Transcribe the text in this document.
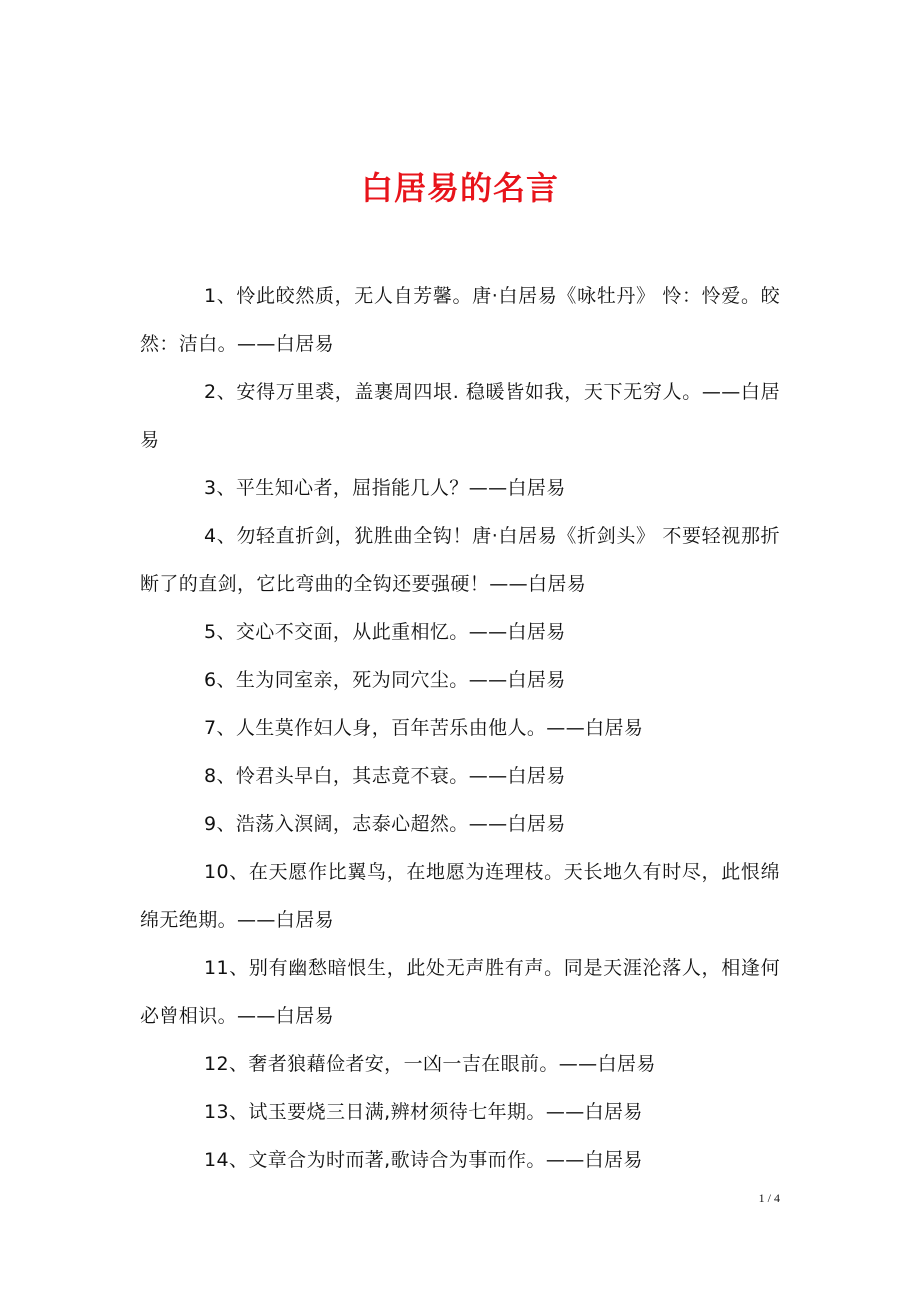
白居易的名言

1、怜此皎然质，无人自芳馨。唐·白居易《咏牡丹》 怜：怜爱。皎然：洁白。——白居易

2、安得万里裘，盖裹周四垠. 稳暖皆如我，天下无穷人。——白居易

3、平生知心者，屈指能几人？——白居易

4、勿轻直折剑，犹胜曲全钩！唐·白居易《折剑头》 不要轻视那折断了的直剑，它比弯曲的全钩还要强硬！——白居易

5、交心不交面，从此重相忆。——白居易

6、生为同室亲，死为同穴尘。——白居易

7、人生莫作妇人身，百年苦乐由他人。——白居易

8、怜君头早白，其志竟不衰。——白居易

9、浩荡入溟阔，志泰心超然。——白居易

10、在天愿作比翼鸟，在地愿为连理枝。天长地久有时尽，此恨绵绵无绝期。——白居易

11、别有幽愁暗恨生，此处无声胜有声。同是天涯沦落人，相逢何必曾相识。——白居易

12、奢者狼藉俭者安，一凶一吉在眼前。——白居易

13、试玉要烧三日满,辨材须待七年期。——白居易

14、文章合为时而著,歌诗合为事而作。——白居易

1 / 4
